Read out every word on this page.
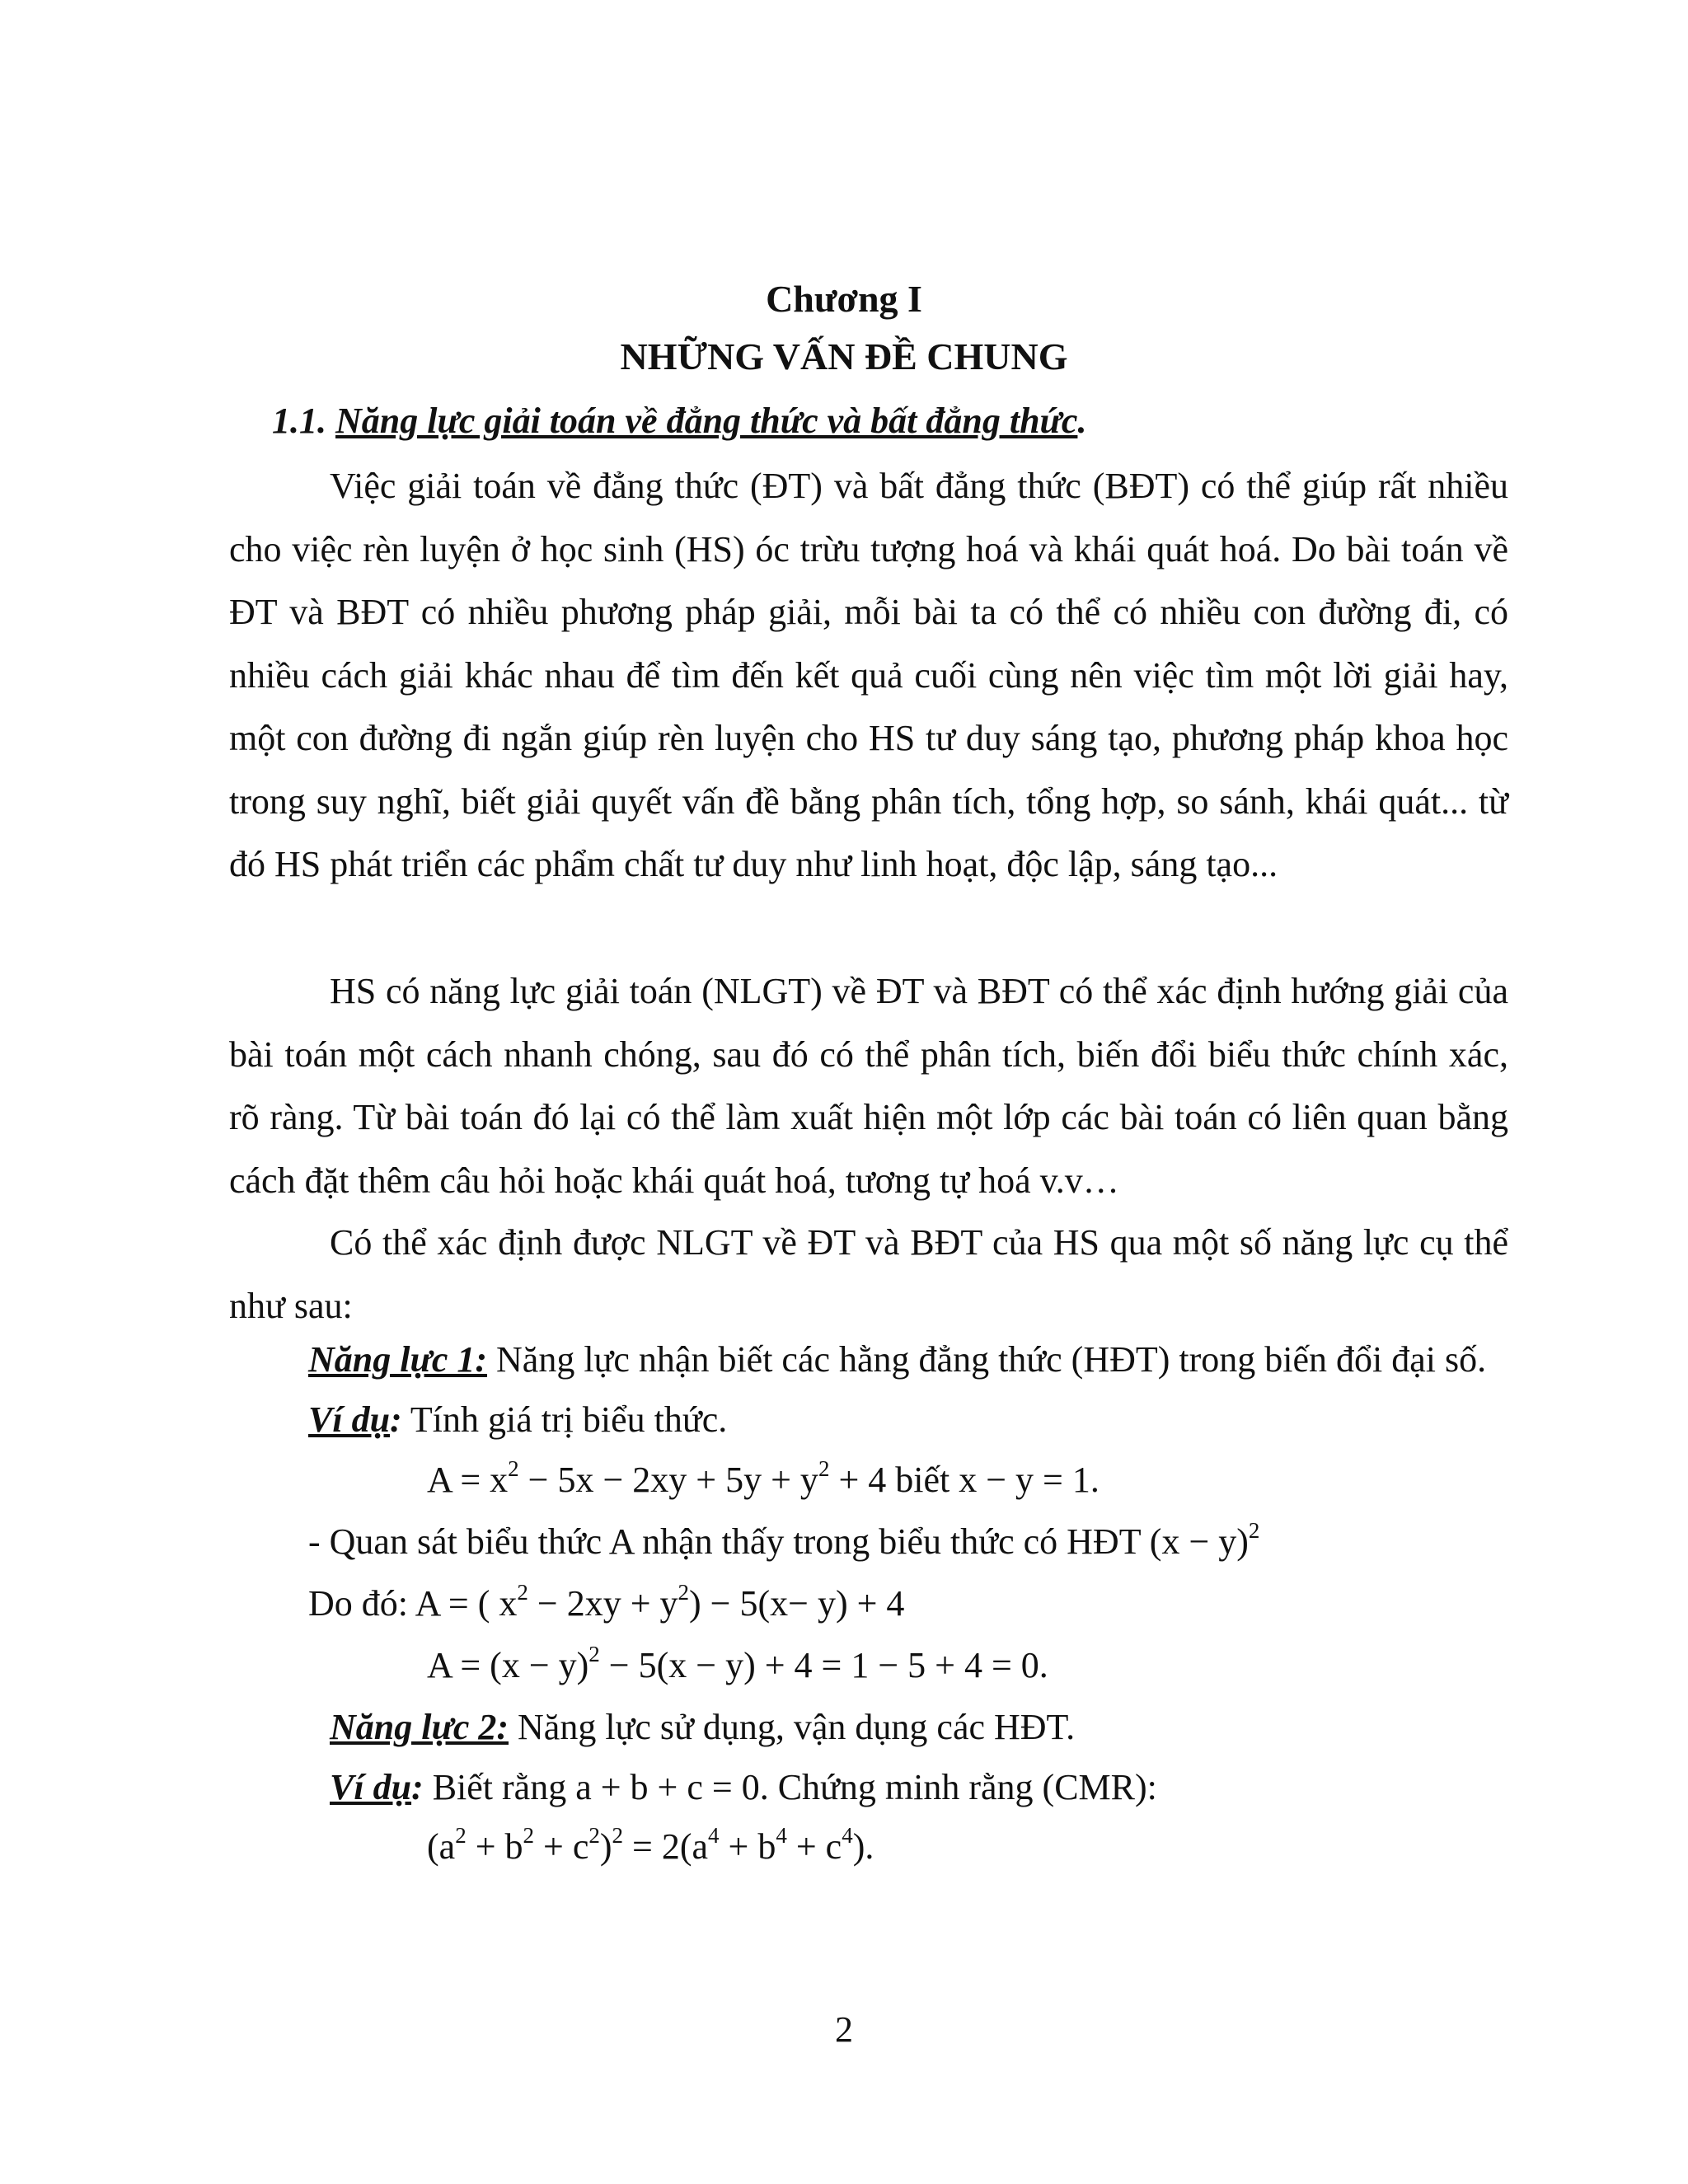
Chương I
NHỮNG VẤN ĐỀ CHUNG
1.1. Năng lực giải toán về đẳng thức và bất đẳng thức.

Việc giải toán về đẳng thức (ĐT) và bất đẳng thức (BĐT) có thể giúp rất nhiều cho việc rèn luyện ở học sinh (HS) óc trừu tượng hoá và khái quát hoá. Do bài toán về ĐT và BĐT có nhiều phương pháp giải, mỗi bài ta có thể có nhiều con đường đi, có nhiều cách giải khác nhau để tìm đến kết quả cuối cùng nên việc tìm một lời giải hay, một con đường đi ngắn giúp rèn luyện cho HS tư duy sáng tạo, phương pháp khoa học trong suy nghĩ, biết giải quyết vấn đề bằng phân tích, tổng hợp, so sánh, khái quát... từ đó HS phát triển các phẩm chất tư duy như linh hoạt, độc lập, sáng tạo...

HS có năng lực giải toán (NLGT) về ĐT và BĐT có thể xác định hướng giải của bài toán một cách nhanh chóng, sau đó có thể phân tích, biến đổi biểu thức chính xác, rõ ràng. Từ bài toán đó lại có thể làm xuất hiện một lớp các bài toán có liên quan bằng cách đặt thêm câu hỏi hoặc khái quát hoá, tương tự hoá v.v…

Có thể xác định được NLGT về ĐT và BĐT của HS qua một số năng lực cụ thể như sau:

Năng lực 1: Năng lực nhận biết các hằng đẳng thức (HĐT) trong biến đổi đại số.
Ví dụ: Tính giá trị biểu thức.
$A = x^2 - 5x - 2xy + 5y + y^2 + 4$ biết x − y = 1.
- Quan sát biểu thức A nhận thấy trong biểu thức có HĐT $(x - y)^2$
Do đó: A = ( $x^2 - 2xy + y^2) - 5(x- y) + 4$
$A = (x - y)^2 - 5(x - y) + 4 = 1 - 5 + 4 = 0$.
Năng lực 2: Năng lực sử dụng, vận dụng các HĐT.
Ví dụ: Biết rằng a + b + c = 0. Chứng minh rằng (CMR):
$(a^2 + b^2 + c^2)^2 = 2(a^4 + b^4 + c^4)$.
2
